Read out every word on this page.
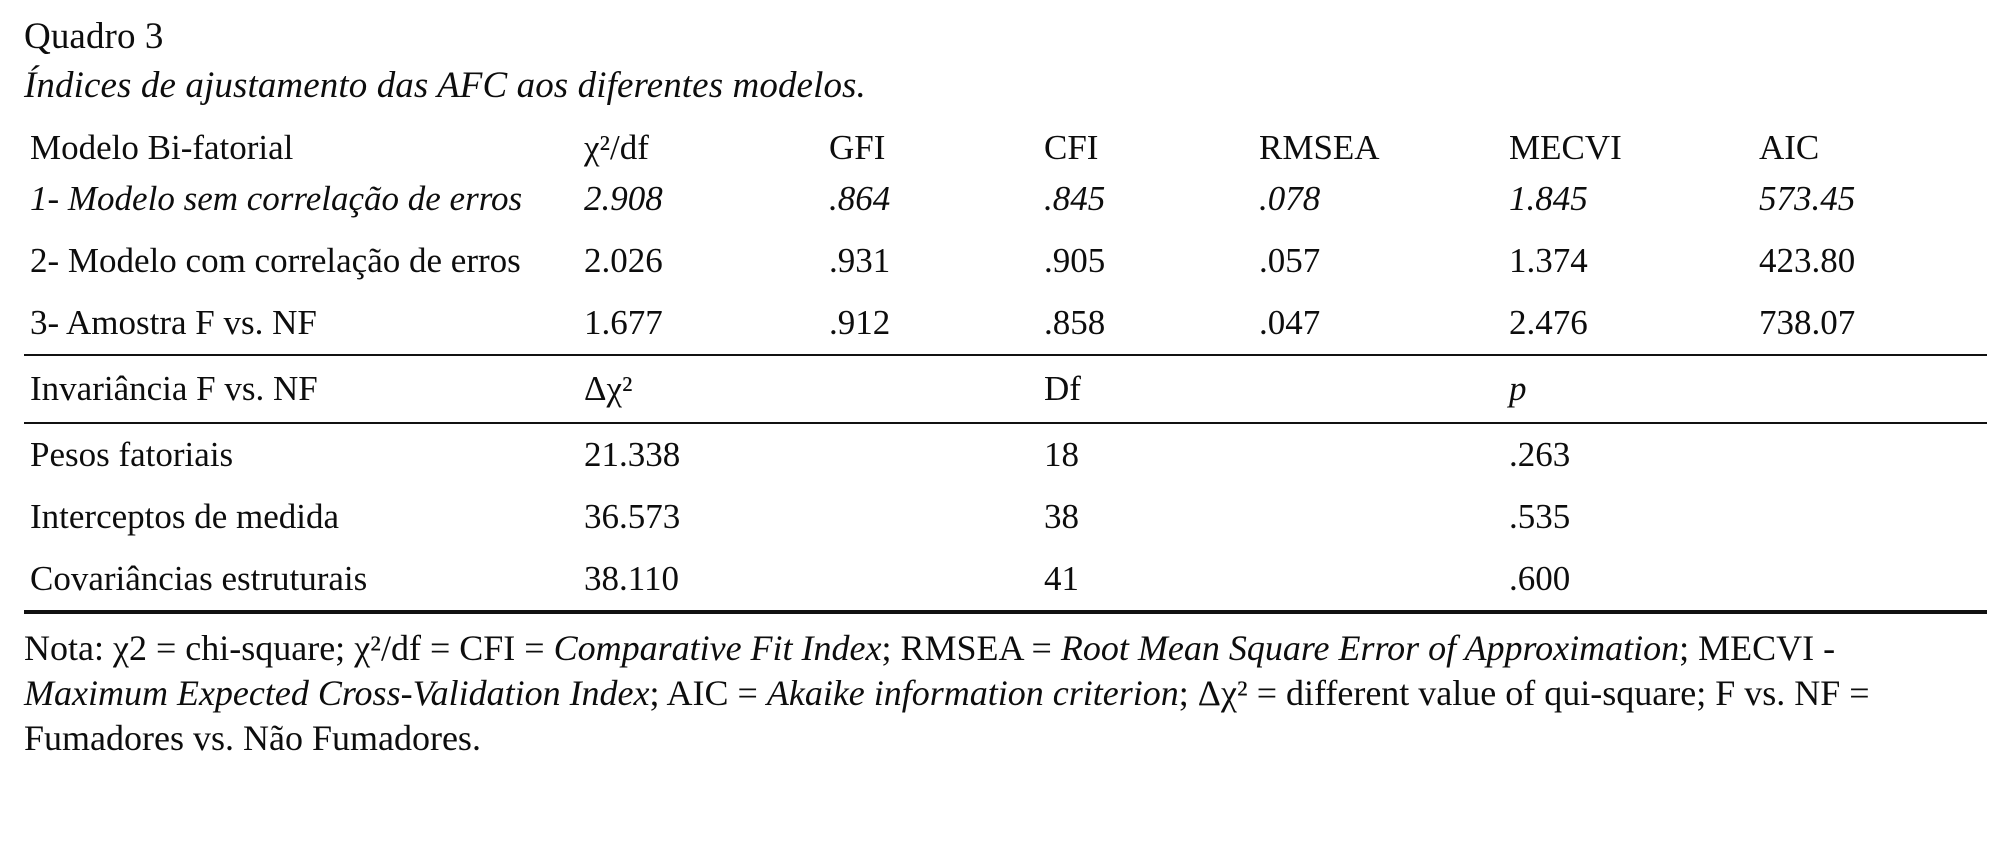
Quadro 3
Índices de ajustamento das AFC aos diferentes modelos.
Modelo Bi-fatorial	χ²/df	GFI	CFI	RMSEA	MECVI	AIC
1- Modelo sem correlação de erros	2.908	.864	.845	.078	1.845	573.45
2- Modelo com correlação de erros	2.026	.931	.905	.057	1.374	423.80
3- Amostra F vs. NF	1.677	.912	.858	.047	2.476	738.07
Invariância F vs. NF	Δχ²		Df		p	
Pesos fatoriais	21.338		18		.263	
Interceptos de medida	36.573		38		.535	
Covariâncias estruturais	38.110		41		.600	
Nota: χ2 = chi-square; χ²/df = CFI = Comparative Fit Index; RMSEA = Root Mean Square Error of Approximation; MECVI - Maximum Expected Cross-Validation Index; AIC = Akaike information criterion; Δχ² = different value of qui-square; F vs. NF = Fumadores vs. Não Fumadores.
